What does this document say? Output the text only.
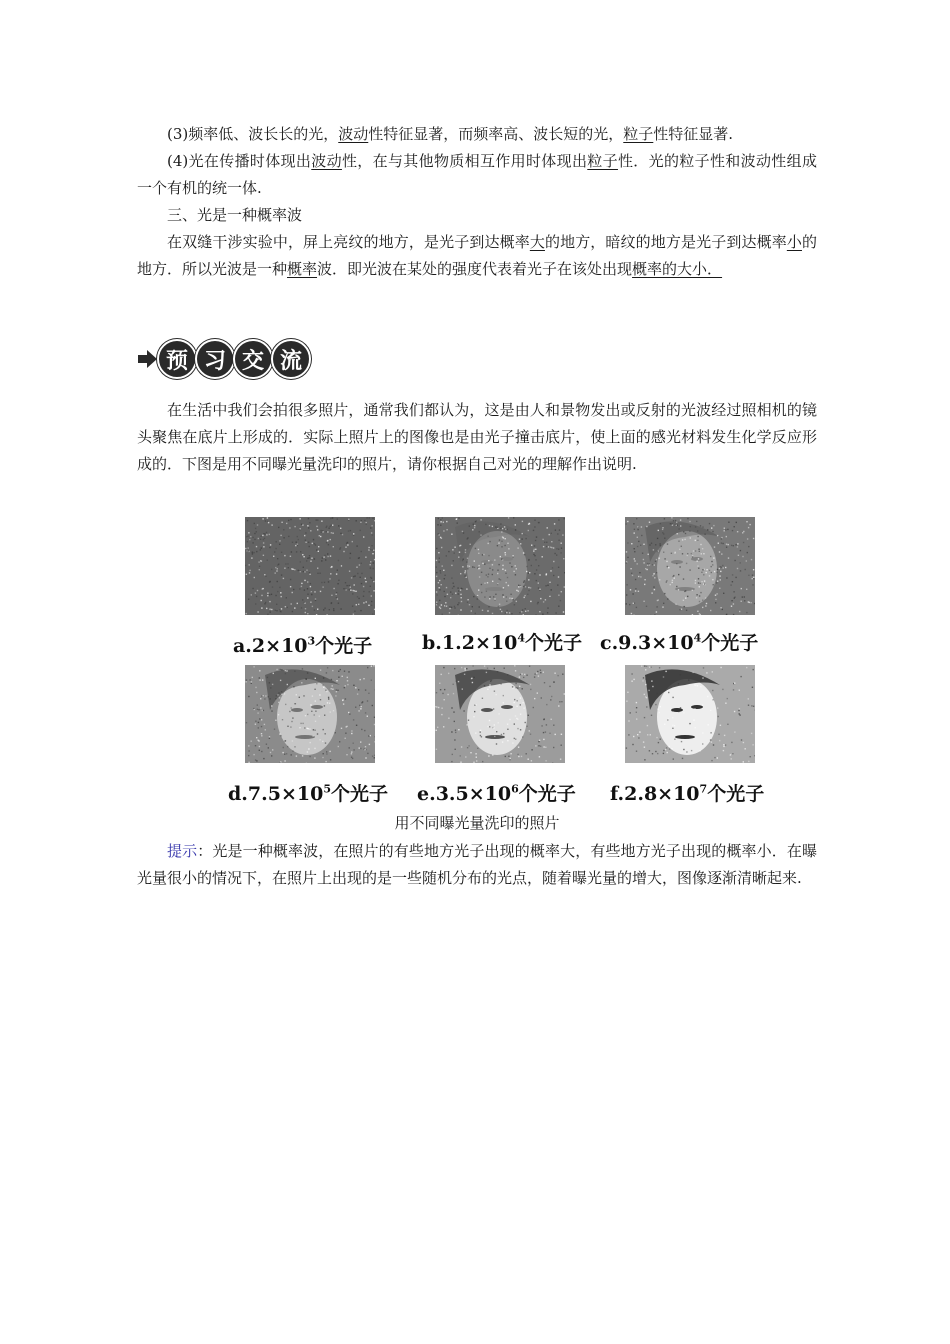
(3)频率低、波长长的光，波动性特征显著，而频率高、波长短的光，粒子性特征显著.

(4)光在传播时体现出波动性，在与其他物质相互作用时体现出粒子性．光的粒子性和波动性组成一个有机的统一体.

三、光是一种概率波

在双缝干涉实验中，屏上亮纹的地方，是光子到达概率大的地方，暗纹的地方是光子到达概率小的地方．所以光波是一种概率波．即光波在某处的强度代表着光子在该处出现概率的大小．

预 习 交 流

在生活中我们会拍很多照片，通常我们都认为，这是由人和景物发出或反射的光波经过照相机的镜头聚焦在底片上形成的．实际上照片上的图像也是由光子撞击底片，使上面的感光材料发生化学反应形成的．下图是用不同曝光量洗印的照片，请你根据自己对光的理解作出说明.

$a.2\times 10^3$个光子	$b.1.2\times 10^4$个光子 $c.9.3\times 10^4$个光子
$d.7.5\times 10^5$个光子 $e.3.5\times 10^6$个光子 $f.2.8\times 10^7$个光子
用不同曝光量洗印的照片

提示：光是一种概率波，在照片的有些地方光子出现的概率大，有些地方光子出现的概率小．在曝光量很小的情况下，在照片上出现的是一些随机分布的光点，随着曝光量的增大，图像逐渐清晰起来.
